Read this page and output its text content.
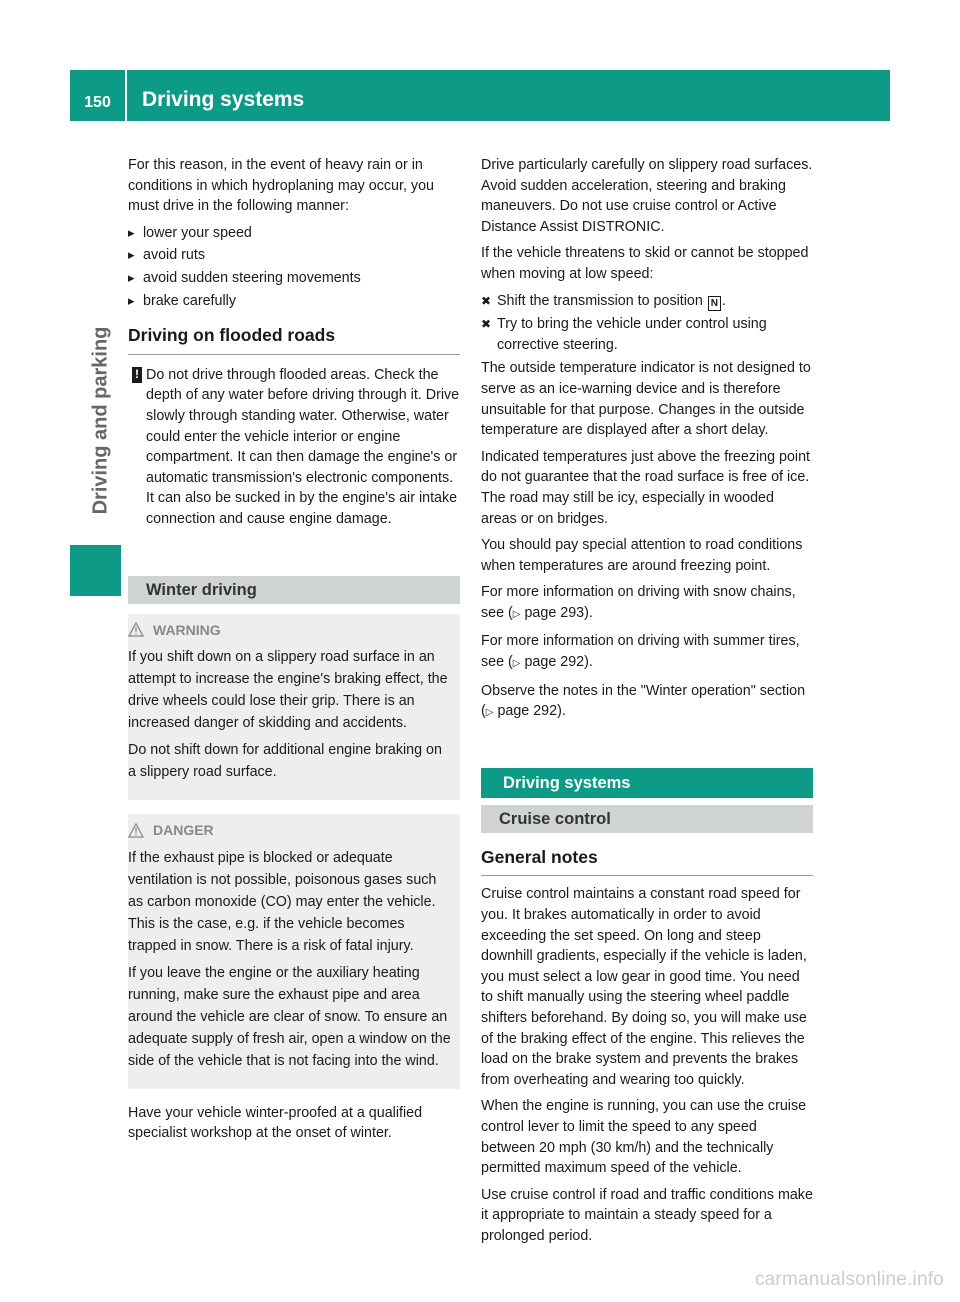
150	Driving systems
Driving and parking

For this reason, in the event of heavy rain or in conditions in which hydroplaning may occur, you must drive in the following manner:

▸ lower your speed
▸ avoid ruts
▸ avoid sudden steering movements
▸ brake carefully
Driving on flooded roads
! Do not drive through flooded areas. Check the depth of any water before driving through it. Drive slowly through standing water. Otherwise, water could enter the vehicle interior or engine compartment. It can then damage the engine's or automatic transmission's electronic components. It can also be sucked in by the engine's air intake connection and cause engine damage.
Winter driving
WARNING

If you shift down on a slippery road surface in an attempt to increase the engine's braking effect, the drive wheels could lose their grip. There is an increased danger of skidding and accidents.

Do not shift down for additional engine braking on a slippery road surface.

DANGER

If the exhaust pipe is blocked or adequate ventilation is not possible, poisonous gases such as carbon monoxide (CO) may enter the vehicle. This is the case, e.g. if the vehicle becomes trapped in snow. There is a risk of fatal injury.

If you leave the engine or the auxiliary heating running, make sure the exhaust pipe and area around the vehicle are clear of snow. To ensure an adequate supply of fresh air, open a window on the side of the vehicle that is not facing into the wind.

Have your vehicle winter-proofed at a qualified specialist workshop at the onset of winter.

Drive particularly carefully on slippery road surfaces. Avoid sudden acceleration, steering and braking maneuvers. Do not use cruise control or Active Distance Assist DISTRONIC.

If the vehicle threatens to skid or cannot be stopped when moving at low speed:

✖ Shift the transmission to position N .
✖ Try to bring the vehicle under control using corrective steering.

The outside temperature indicator is not designed to serve as an ice-warning device and is therefore unsuitable for that purpose. Changes in the outside temperature are displayed after a short delay.

Indicated temperatures just above the freezing point do not guarantee that the road surface is free of ice. The road may still be icy, especially in wooded areas or on bridges.

You should pay special attention to road conditions when temperatures are around freezing point.

For more information on driving with snow chains, see (▷ page 293).

For more information on driving with summer tires, see (▷ page 292).

Observe the notes in the "Winter operation" section (▷ page 292).

Driving systems
Cruise control
General notes

Cruise control maintains a constant road speed for you. It brakes automatically in order to avoid exceeding the set speed. On long and steep downhill gradients, especially if the vehicle is laden, you must select a low gear in good time. You need to shift manually using the steering wheel paddle shifters beforehand. By doing so, you will make use of the braking effect of the engine. This relieves the load on the brake system and prevents the brakes from overheating and wearing too quickly.

When the engine is running, you can use the cruise control lever to limit the speed to any speed between 20 mph (30 km/h) and the technically permitted maximum speed of the vehicle.

Use cruise control if road and traffic conditions make it appropriate to maintain a steady speed for a prolonged period.

carmanualsonline.info
